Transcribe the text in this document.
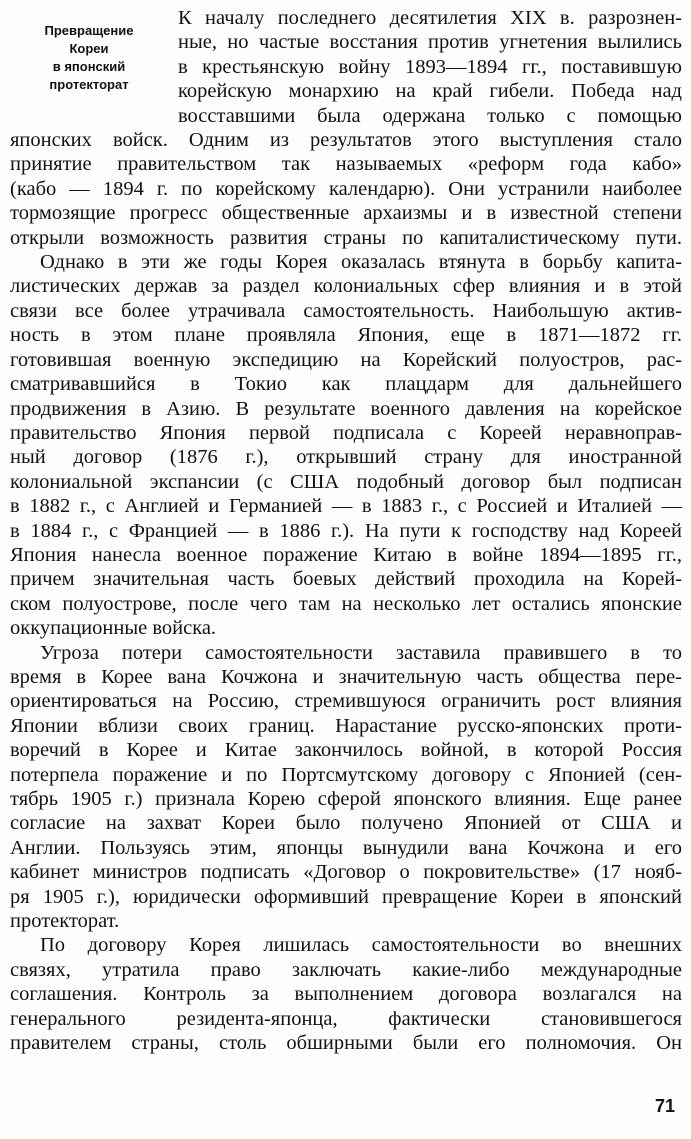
Превращение
Кореи
в японский
протекторат
К началу последнего десятилетия XIX в. разрознен-
ные, но частые восстания против угнетения вылились
в крестьянскую войну 1893—1894 гг., поставившую
корейскую монархию на край гибели. Победа над
восставшими была одержана только с помощью
японских войск. Одним из результатов этого выступления стало
принятие правительством так называемых «реформ года кабо»
(кабо — 1894 г. по корейскому календарю). Они устранили наиболее
тормозящие прогресс общественные архаизмы и в известной степени
открыли возможность развития страны по капиталистическому пути.
Однако в эти же годы Корея оказалась втянута в борьбу капита-
листических держав за раздел колониальных сфер влияния и в этой
связи все более утрачивала самостоятельность. Наибольшую актив-
ность в этом плане проявляла Япония, еще в 1871—1872 гг.
готовившая военную экспедицию на Корейский полуостров, рас-
сматривавшийся в Токио как плацдарм для дальнейшего
продвижения в Азию. В результате военного давления на корейское
правительство Япония первой подписала с Кореей неравноправ-
ный договор (1876 г.), открывший страну для иностранной
колониальной экспансии (с США подобный договор был подписан
в 1882 г., с Англией и Германией — в 1883 г., с Россией и Италией —
в 1884 г., с Францией — в 1886 г.). На пути к господству над Кореей
Япония нанесла военное поражение Китаю в войне 1894—1895 гг.,
причем значительная часть боевых действий проходила на Корей-
ском полуострове, после чего там на несколько лет остались японские
оккупационные войска.
Угроза потери самостоятельности заставила правившего в то
время в Корее вана Кочжона и значительную часть общества пере-
ориентироваться на Россию, стремившуюся ограничить рост влияния
Японии вблизи своих границ. Нарастание русско-японских проти-
воречий в Корее и Китае закончилось войной, в которой Россия
потерпела поражение и по Портсмутскому договору с Японией (сен-
тябрь 1905 г.) признала Корею сферой японского влияния. Еще ранее
согласие на захват Кореи было получено Японией от США и
Англии. Пользуясь этим, японцы вынудили вана Кочжона и его
кабинет министров подписать «Договор о покровительстве» (17 нояб-
ря 1905 г.), юридически оформивший превращение Кореи в японский
протекторат.
По договору Корея лишилась самостоятельности во внешних
связях, утратила право заключать какие-либо международные
соглашения. Контроль за выполнением договора возлагался на
генерального резидента-японца, фактически становившегося
правителем страны, столь обширными были его полномочия. Он
71
